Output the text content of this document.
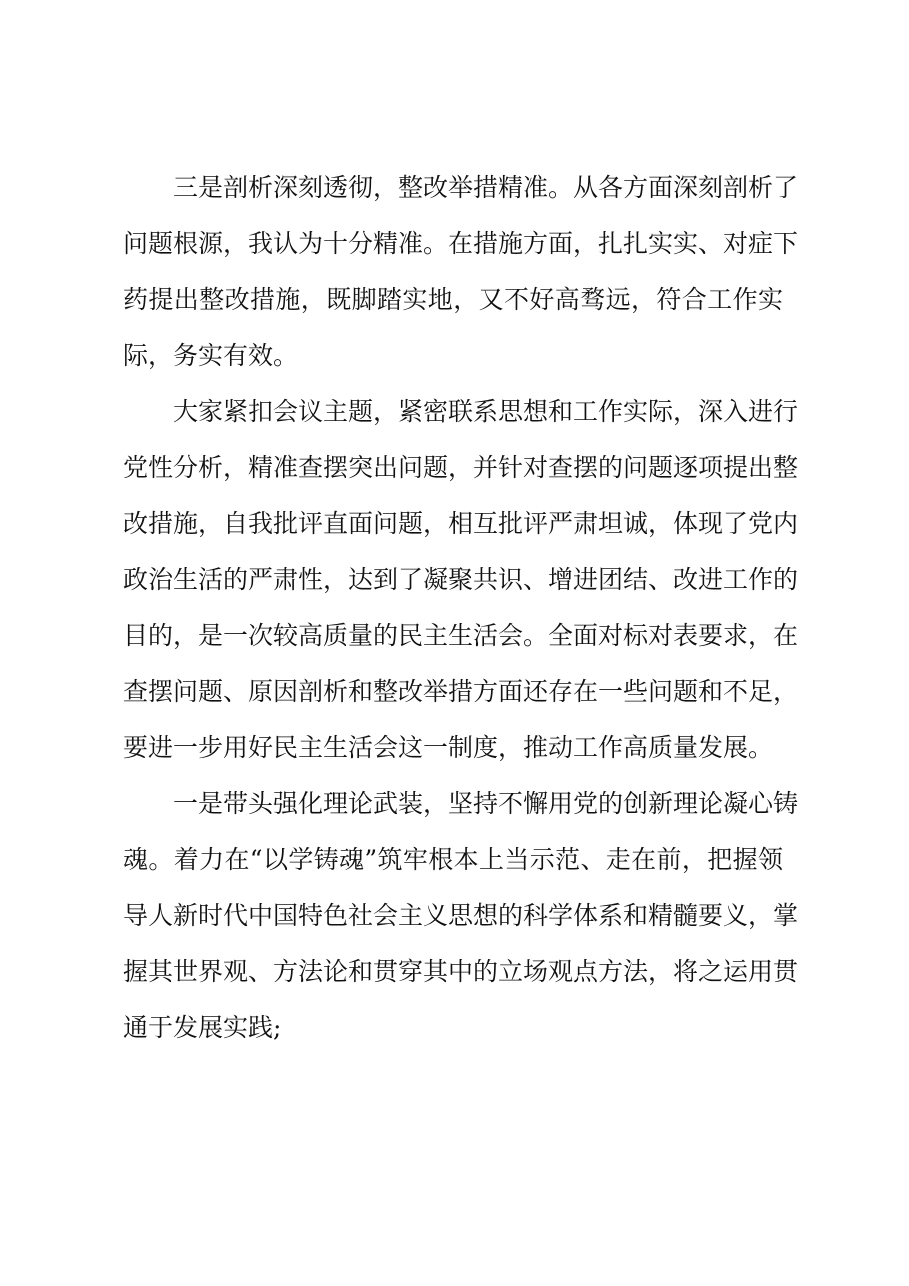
三是剖析深刻透彻，整改举措精准。从各方面深刻剖析了
问题根源，我认为十分精准。在措施方面，扎扎实实、对症下
药提出整改措施，既脚踏实地，又不好高骛远，符合工作实
际，务实有效。
大家紧扣会议主题，紧密联系思想和工作实际，深入进行
党性分析，精准查摆突出问题，并针对查摆的问题逐项提出整
改措施，自我批评直面问题，相互批评严肃坦诚，体现了党内
政治生活的严肃性，达到了凝聚共识、增进团结、改进工作的
目的，是一次较高质量的民主生活会。全面对标对表要求，在
查摆问题、原因剖析和整改举措方面还存在一些问题和不足，
要进一步用好民主生活会这一制度，推动工作高质量发展。
一是带头强化理论武装，坚持不懈用党的创新理论凝心铸
魂。着力在“以学铸魂”筑牢根本上当示范、走在前，把握领
导人新时代中国特色社会主义思想的科学体系和精髓要义，掌
握其世界观、方法论和贯穿其中的立场观点方法，将之运用贯
通于发展实践;
